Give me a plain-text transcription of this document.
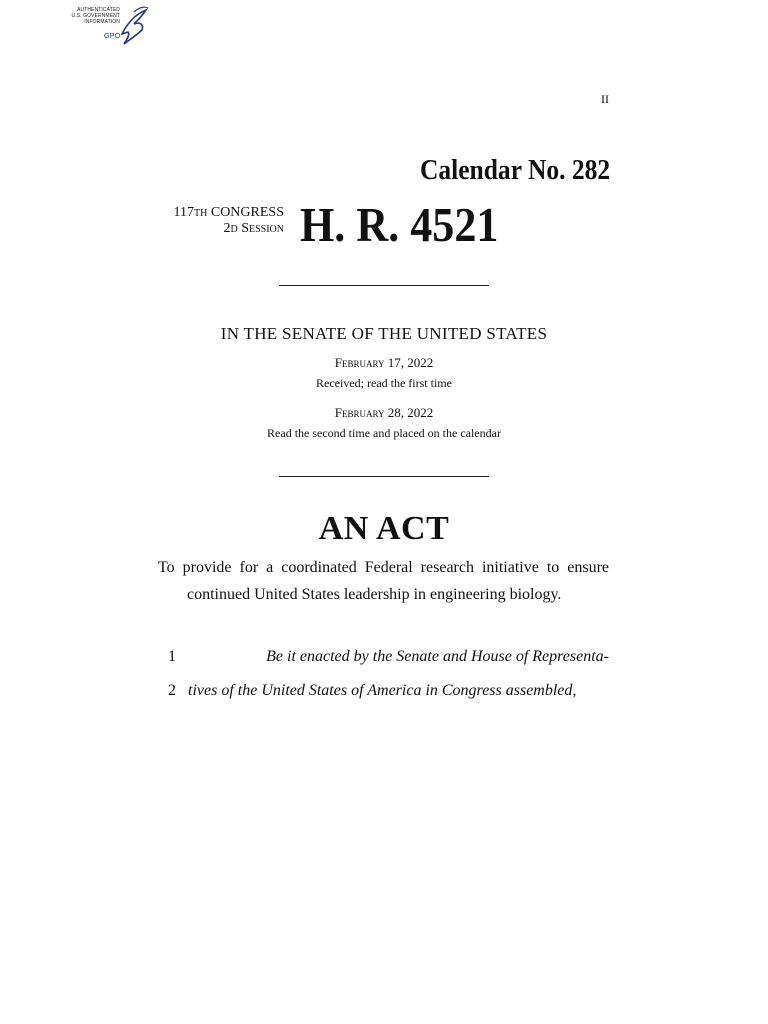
AUTHENTICATED
U.S. GOVERNMENT
INFORMATION
GPO
II
Calendar No. 282
117th CONGRESS
2d Session H. R. 4521
IN THE SENATE OF THE UNITED STATES
February 17, 2022
Received; read the first time
February 28, 2022
Read the second time and placed on the calendar
AN ACT
To provide for a coordinated Federal research initiative to ensure continued United States leadership in engineering biology.
1	Be it enacted by the Senate and House of Representa-
2 tives of the United States of America in Congress assembled,
